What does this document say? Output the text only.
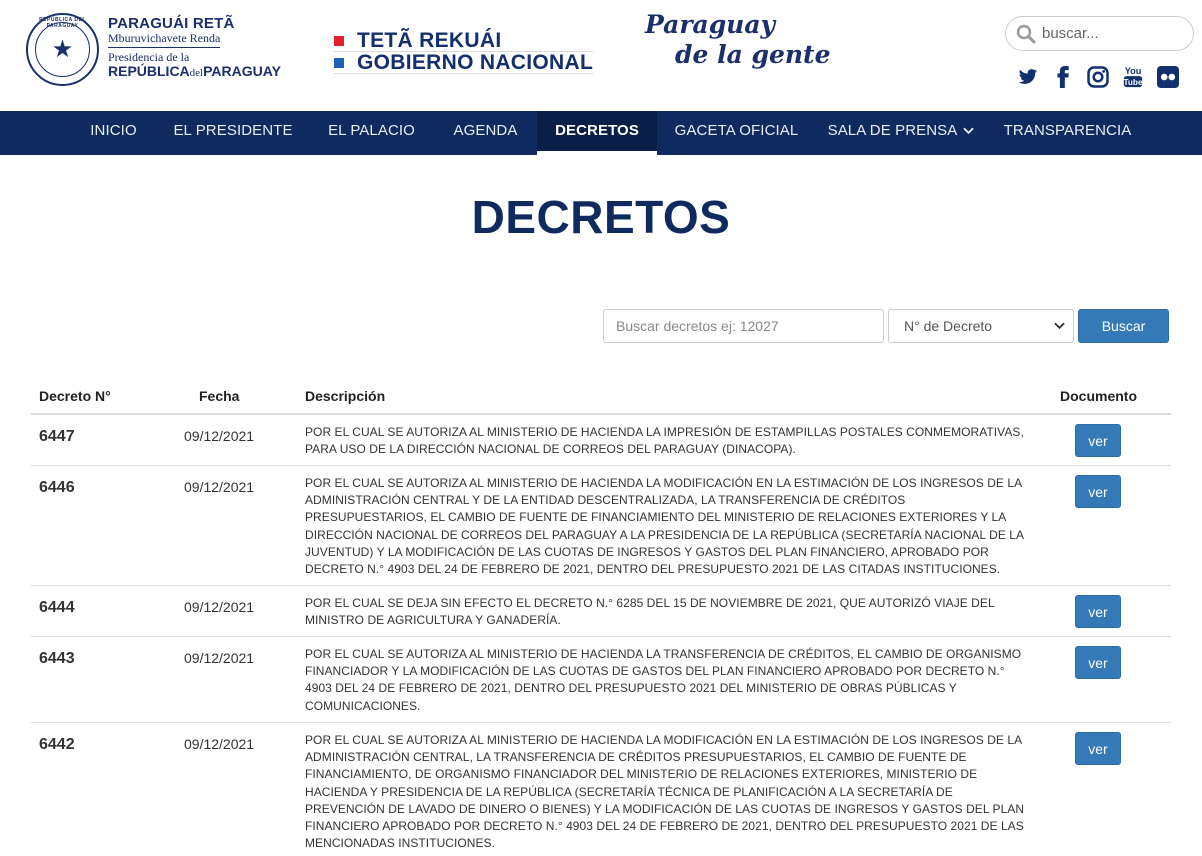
REPÚBLICA DEL PARAGUAY
★
PARAGUÁI RETÃ
Mburuvichavete Renda
Presidencia de la
REPÚBLICAdelPARAGUAY
TETÃ REKUÁI
GOBIERNO NACIONAL
Paraguay
de la gente
buscar...
You
Tube
INICIO	EL PRESIDENTE	EL PALACIO	AGENDA	DECRETOS	GACETA OFICIAL	SALA DE PRENSA	TRANSPARENCIA
DECRETOS
Buscar decretos ej: 12027
N° de Decreto	Buscar
Decreto N°	Fecha	Descripción	Documento
6447	09/12/2021	POR EL CUAL SE AUTORIZA AL MINISTERIO DE HACIENDA LA IMPRESIÓN DE ESTAMPILLAS POSTALES CONMEMORATIVAS, PARA USO DE LA DIRECCIÓN NACIONAL DE CORREOS DEL PARAGUAY (DINACOPA).
ver
6446	09/12/2021	POR EL CUAL SE AUTORIZA AL MINISTERIO DE HACIENDA LA MODIFICACIÓN EN LA ESTIMACIÓN DE LOS INGRESOS DE LA ADMINISTRACIÓN CENTRAL Y DE LA ENTIDAD DESCENTRALIZADA, LA TRANSFERENCIA DE CRÉDITOS PRESUPUESTARIOS, EL CAMBIO DE FUENTE DE FINANCIAMIENTO DEL MINISTERIO DE RELACIONES EXTERIORES Y LA DIRECCIÓN NACIONAL DE CORREOS DEL PARAGUAY A LA PRESIDENCIA DE LA REPÚBLICA (SECRETARÍA NACIONAL DE LA JUVENTUD) Y LA MODIFICACIÓN DE LAS CUOTAS DE INGRESOS Y GASTOS DEL PLAN FINANCIERO, APROBADO POR DECRETO N.° 4903 DEL 24 DE FEBRERO DE 2021, DENTRO DEL PRESUPUESTO 2021 DE LAS CITADAS INSTITUCIONES.
ver
6444	09/12/2021	POR EL CUAL SE DEJA SIN EFECTO EL DECRETO N.° 6285 DEL 15 DE NOVIEMBRE DE 2021, QUE AUTORIZÓ VIAJE DEL MINISTRO DE AGRICULTURA Y GANADERÍA.
ver
6443	09/12/2021	POR EL CUAL SE AUTORIZA AL MINISTERIO DE HACIENDA LA TRANSFERENCIA DE CRÉDITOS, EL CAMBIO DE ORGANISMO FINANCIADOR Y LA MODIFICACIÓN DE LAS CUOTAS DE GASTOS DEL PLAN FINANCIERO APROBADO POR DECRETO N.° 4903 DEL 24 DE FEBRERO DE 2021, DENTRO DEL PRESUPUESTO 2021 DEL MINISTERIO DE OBRAS PÚBLICAS Y COMUNICACIONES.
ver
6442	09/12/2021	POR EL CUAL SE AUTORIZA AL MINISTERIO DE HACIENDA LA MODIFICACIÓN EN LA ESTIMACIÓN DE LOS INGRESOS DE LA ADMINISTRACIÓN CENTRAL, LA TRANSFERENCIA DE CRÉDITOS PRESUPUESTARIOS, EL CAMBIO DE FUENTE DE FINANCIAMIENTO, DE ORGANISMO FINANCIADOR DEL MINISTERIO DE RELACIONES EXTERIORES, MINISTERIO DE HACIENDA Y PRESIDENCIA DE LA REPÚBLICA (SECRETARÍA TÉCNICA DE PLANIFICACIÓN A LA SECRETARÍA DE PREVENCIÓN DE LAVADO DE DINERO O BIENES) Y LA MODIFICACIÓN DE LAS CUOTAS DE INGRESOS Y GASTOS DEL PLAN FINANCIERO APROBADO POR DECRETO N.° 4903 DEL 24 DE FEBRERO DE 2021, DENTRO DEL PRESUPUESTO 2021 DE LAS MENCIONADAS INSTITUCIONES.
ver
